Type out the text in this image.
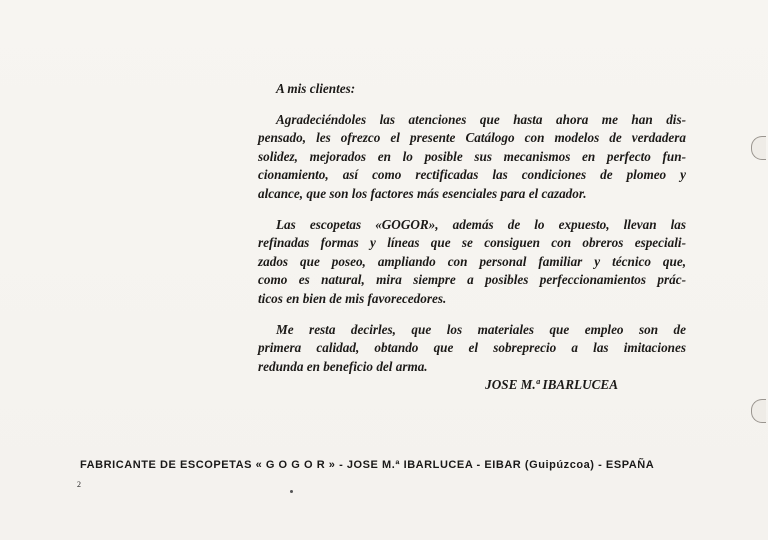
A mis clientes:
Agradeciéndoles las atenciones que hasta ahora me han dis-
pensado, les ofrezco el presente Catálogo con modelos de verdadera
solidez, mejorados en lo posible sus mecanismos en perfecto fun-
cionamiento, así como rectificadas las condiciones de plomeo y
alcance, que son los factores más esenciales para el cazador.
Las escopetas «GOGOR», además de lo expuesto, llevan las
refinadas formas y líneas que se consiguen con obreros especiali-
zados que poseo, ampliando con personal familiar y técnico que,
como es natural, mira siempre a posibles perfeccionamientos prác-
ticos en bien de mis favorecedores.
Me resta decirles, que los materiales que empleo son de
primera calidad, obtando que el sobreprecio a las imitaciones
redunda en beneficio del arma.
JOSE M.ª IBARLUCEA
FABRICANTE DE ESCOPETAS « G O G O R » - JOSE M.ª IBARLUCEA - EIBAR (Guipúzcoa) - ESPAÑA
2
